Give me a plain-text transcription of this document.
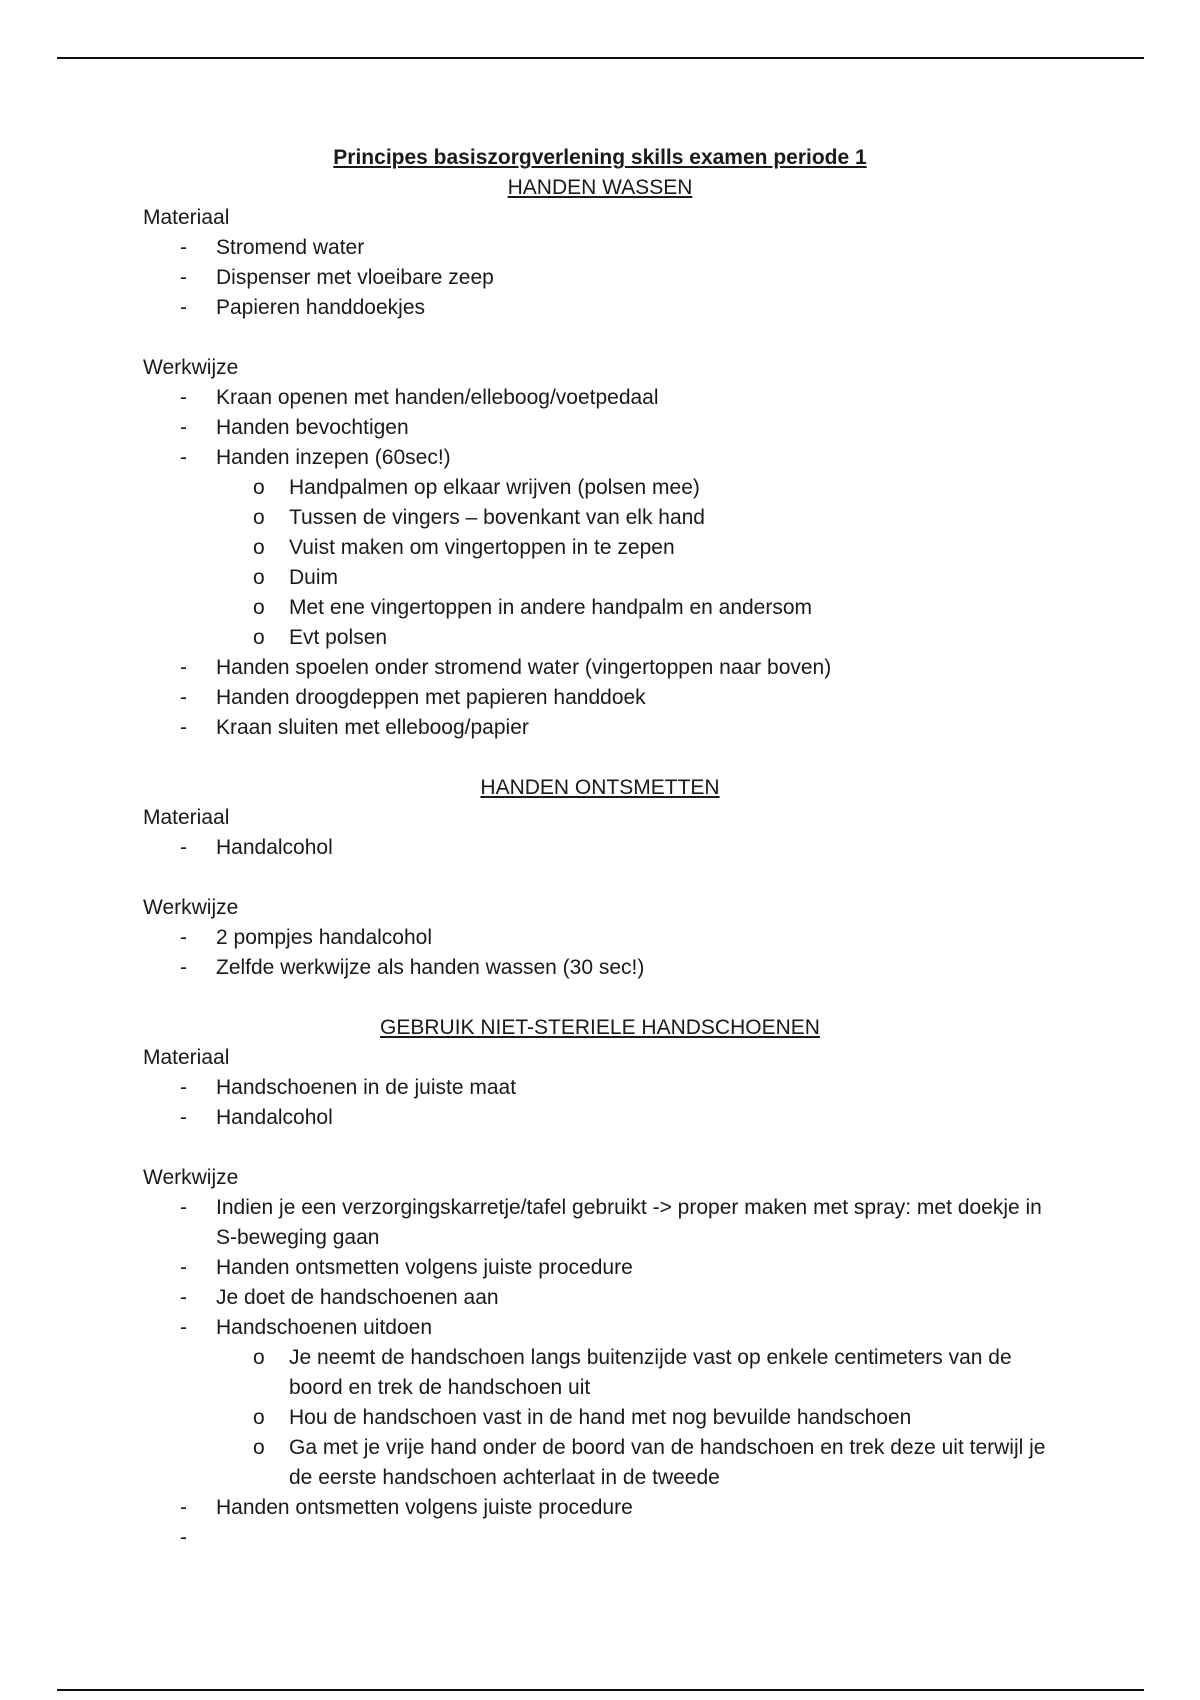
Principes basiszorgverlening skills examen periode 1
HANDEN WASSEN
Materiaal
- Stromend water
- Dispenser met vloeibare zeep
- Papieren handdoekjes
Werkwijze
- Kraan openen met handen/elleboog/voetpedaal
- Handen bevochtigen
- Handen inzepen (60sec!)
o Handpalmen op elkaar wrijven (polsen mee)
o Tussen de vingers – bovenkant van elk hand
o Vuist maken om vingertoppen in te zepen
o Duim
o Met ene vingertoppen in andere handpalm en andersom
o Evt polsen
- Handen spoelen onder stromend water (vingertoppen naar boven)
- Handen droogdeppen met papieren handdoek
- Kraan sluiten met elleboog/papier
HANDEN ONTSMETTEN
Materiaal
- Handalcohol
Werkwijze
- 2 pompjes handalcohol
- Zelfde werkwijze als handen wassen (30 sec!)
GEBRUIK NIET-STERIELE HANDSCHOENEN
Materiaal
- Handschoenen in de juiste maat
- Handalcohol
Werkwijze
- Indien je een verzorgingskarretje/tafel gebruikt -> proper maken met spray: met doekje in S-beweging gaan
- Handen ontsmetten volgens juiste procedure
- Je doet de handschoenen aan
- Handschoenen uitdoen
o Je neemt de handschoen langs buitenzijde vast op enkele centimeters van de boord en trek de handschoen uit
o Hou de handschoen vast in de hand met nog bevuilde handschoen
o Ga met je vrije hand onder de boord van de handschoen en trek deze uit terwijl je de eerste handschoen achterlaat in de tweede
- Handen ontsmetten volgens juiste procedure
-
